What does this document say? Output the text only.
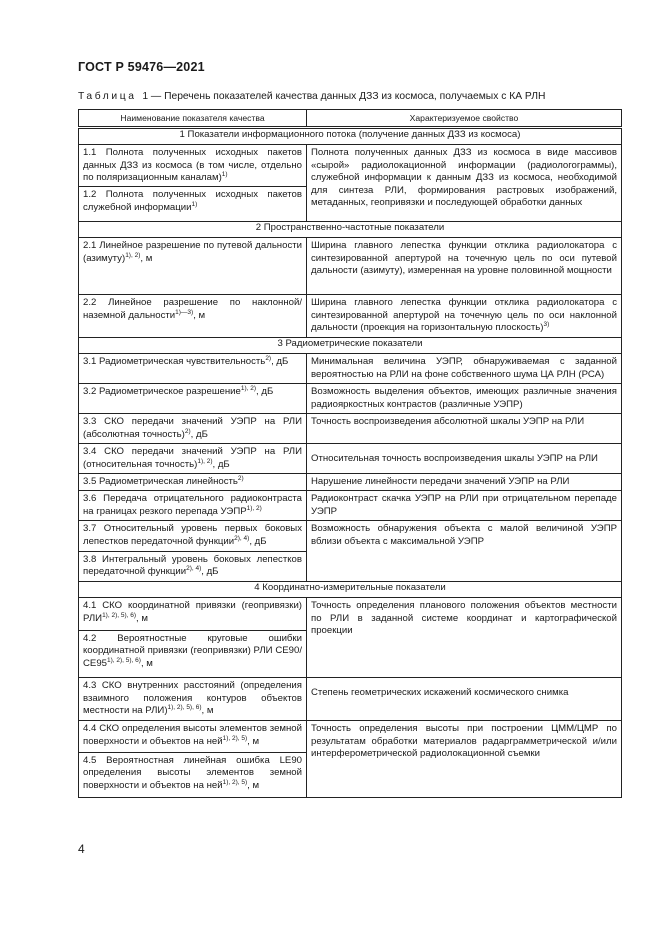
ГОСТ Р 59476—2021
Таблица 1 — Перечень показателей качества данных ДЗЗ из космоса, получаемых с КА РЛН
Наименование показателя качества	Характеризуемое свойство
1 Показатели информационного потока (получение данных ДЗЗ из космоса)	

1.1 Полнота полученных исходных пакетов данных ДЗЗ из космоса (в том числе, отдельно по поляризационным каналам)$^{1)}$	Полнота полученных данных ДЗЗ из космоса в виде массивов «сырой» радиолокационной информации (радиологограммы), служебной информации к данным ДЗЗ из космоса, необходимой для синтеза РЛИ, формирования растровых изображений, метаданных, геопривязки и последующей обработки данных

1.2 Полнота полученных исходных пакетов служебной информации$^{1)}$

2 Пространственно-частотные показатели	

2.1 Линейное разрешение по путевой дальности (азимуту)$^{1), 2)}$, м	Ширина главного лепестка функции отклика радиолокатора с синтезированной апертурой на точечную цель по оси путевой дальности (азимуту), измеренная на уровне половинной мощности

2.2 Линейное разрешение по наклонной/наземной дальности$^{1)—3)}$, м	Ширина главного лепестка функции отклика радиолокатора с синтезированной апертурой на точечную цель по оси наклонной дальности (проекция на горизонтальную плоскость)$^{3)}$

3 Радиометрические показатели	

3.1 Радиометрическая чувствительность$^{2)}$, дБ	Минимальная величина УЭПР, обнаруживаемая с заданной вероятностью на РЛИ на фоне собственного шума ЦА РЛН (РСА)

3.2 Радиометрическое разрешение$^{1), 2)}$, дБ	Возможность выделения объектов, имеющих различные значения радиояркостных контрастов (различные УЭПР)

3.3 СКО передачи значений УЭПР на РЛИ (абсолютная точность)$^{2)}$, дБ	Точность воспроизведения абсолютной шкалы УЭПР на РЛИ

3.4 СКО передачи значений УЭПР на РЛИ (относительная точность)$^{1), 2)}$, дБ	Относительная точность воспроизведения шкалы УЭПР на РЛИ

3.5 Радиометрическая линейность$^{2)}$	Нарушение линейности передачи значений УЭПР на РЛИ

3.6 Передача отрицательного радиоконтраста на границах резкого перепада $УЭПР^{1), 2)}$	Радиоконтраст скачка УЭПР на РЛИ при отрицательном перепаде УЭПР

3.7 Относительный уровень первых боковых лепестков передаточной функции$^{2), 4)}$, дБ	Возможность обнаружения объекта с малой величиной УЭПР вблизи объекта с максимальной УЭПР

3.8 Интегральный уровень боковых лепестков передаточной функции$^{2), 4)}$, дБ	

4 Координатно-измерительные показатели	

4.1 СКО координатной привязки (геопривязки) $РЛИ^{1), 2), 5), 6)}$, м	Точность определения планового положения объектов местности по РЛИ в заданной системе координат и картографической проекции

4.2 Вероятностные круговые ошибки координатной привязки (геопривязки) РЛИ CE90/ $CE95^{1), 2), 5), 6)}$, м	

4.3 СКО внутренних расстояний (определения взаимного положения контуров объектов местности на РЛИ)$^{1), 2), 5), 6)}$, м	Степень геометрических искажений космического снимка

4.4 СКО определения высоты элементов земной поверхности и объектов на ней$^{1), 2), 5)}$, м	Точность определения высоты при построении ЦММ/ЦМР по результатам обработки материалов радарграмметрической и/или интерферометрической радиолокационной съемки

4.5 Вероятностная линейная ошибка LE90 определения высоты элементов земной поверхности и объектов на ней$^{1), 2), 5)}$, м	
4
